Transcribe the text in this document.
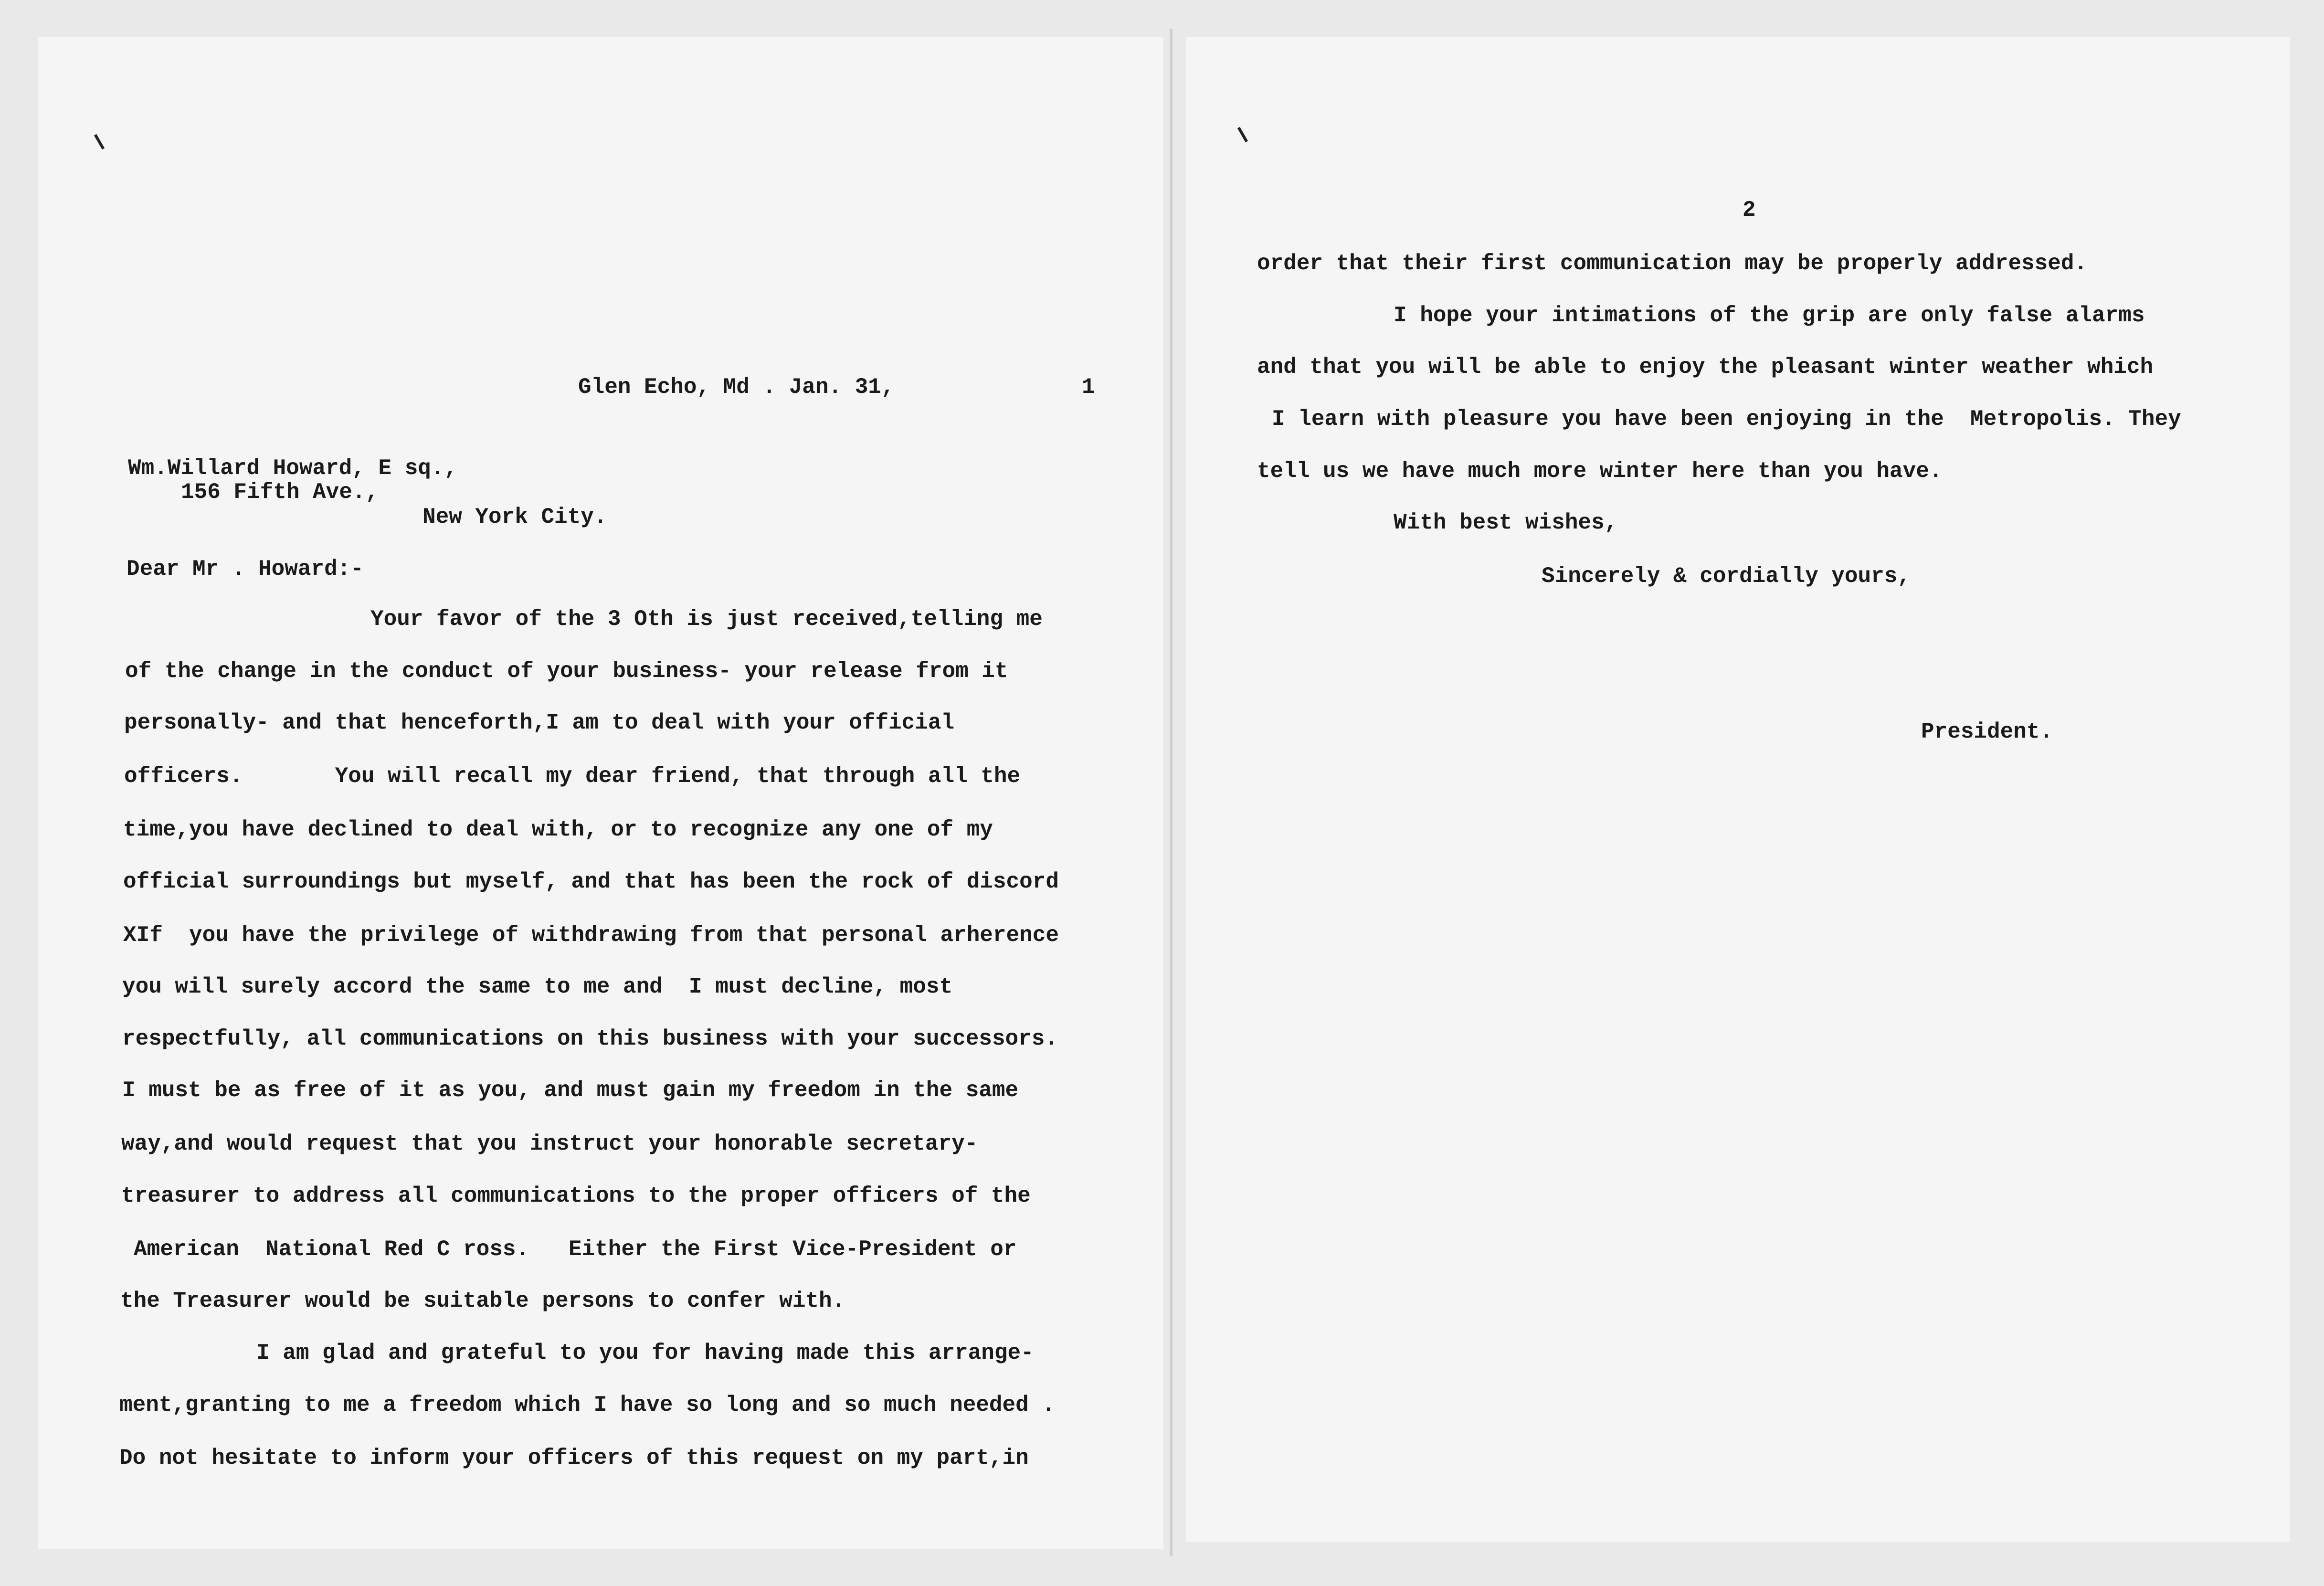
Glen Echo, Md . Jan. 31,	1
Wm.Willard Howard, E sq.,
156 Fifth Ave.,
New York City.
Dear Mr . Howard:-
Your favor of the 3 Oth is just received,telling me
of the change in the conduct of your business- your release from it
personally- and that henceforth,I am to deal with your official
officers.       You will recall my dear friend, that through all the
time,you have declined to deal with, or to recognize any one of my
official surroundings but myself, and that has been the rock of discord
XIf  you have the privilege of withdrawing from that personal arherence
you will surely accord the same to me and  I must decline, most
respectfully, all communications on this business with your successors.
I must be as free of it as you, and must gain my freedom in the same
way,and would request that you instruct your honorable secretary-
treasurer to address all communications to the proper officers of the
American  National Red C ross.   Either the First Vice-President or
the Treasurer would be suitable persons to confer with.
I am glad and grateful to you for having made this arrange-
ment,granting to me a freedom which I have so long and so much needed .
Do not hesitate to inform your officers of this request on my part,in
2
order that their first communication may be properly addressed.
I hope your intimations of the grip are only false alarms
and that you will be able to enjoy the pleasant winter weather which
I learn with pleasure you have been enjoying in the  Metropolis. They
tell us we have much more winter here than you have.
With best wishes,
Sincerely & cordially yours,
President.
